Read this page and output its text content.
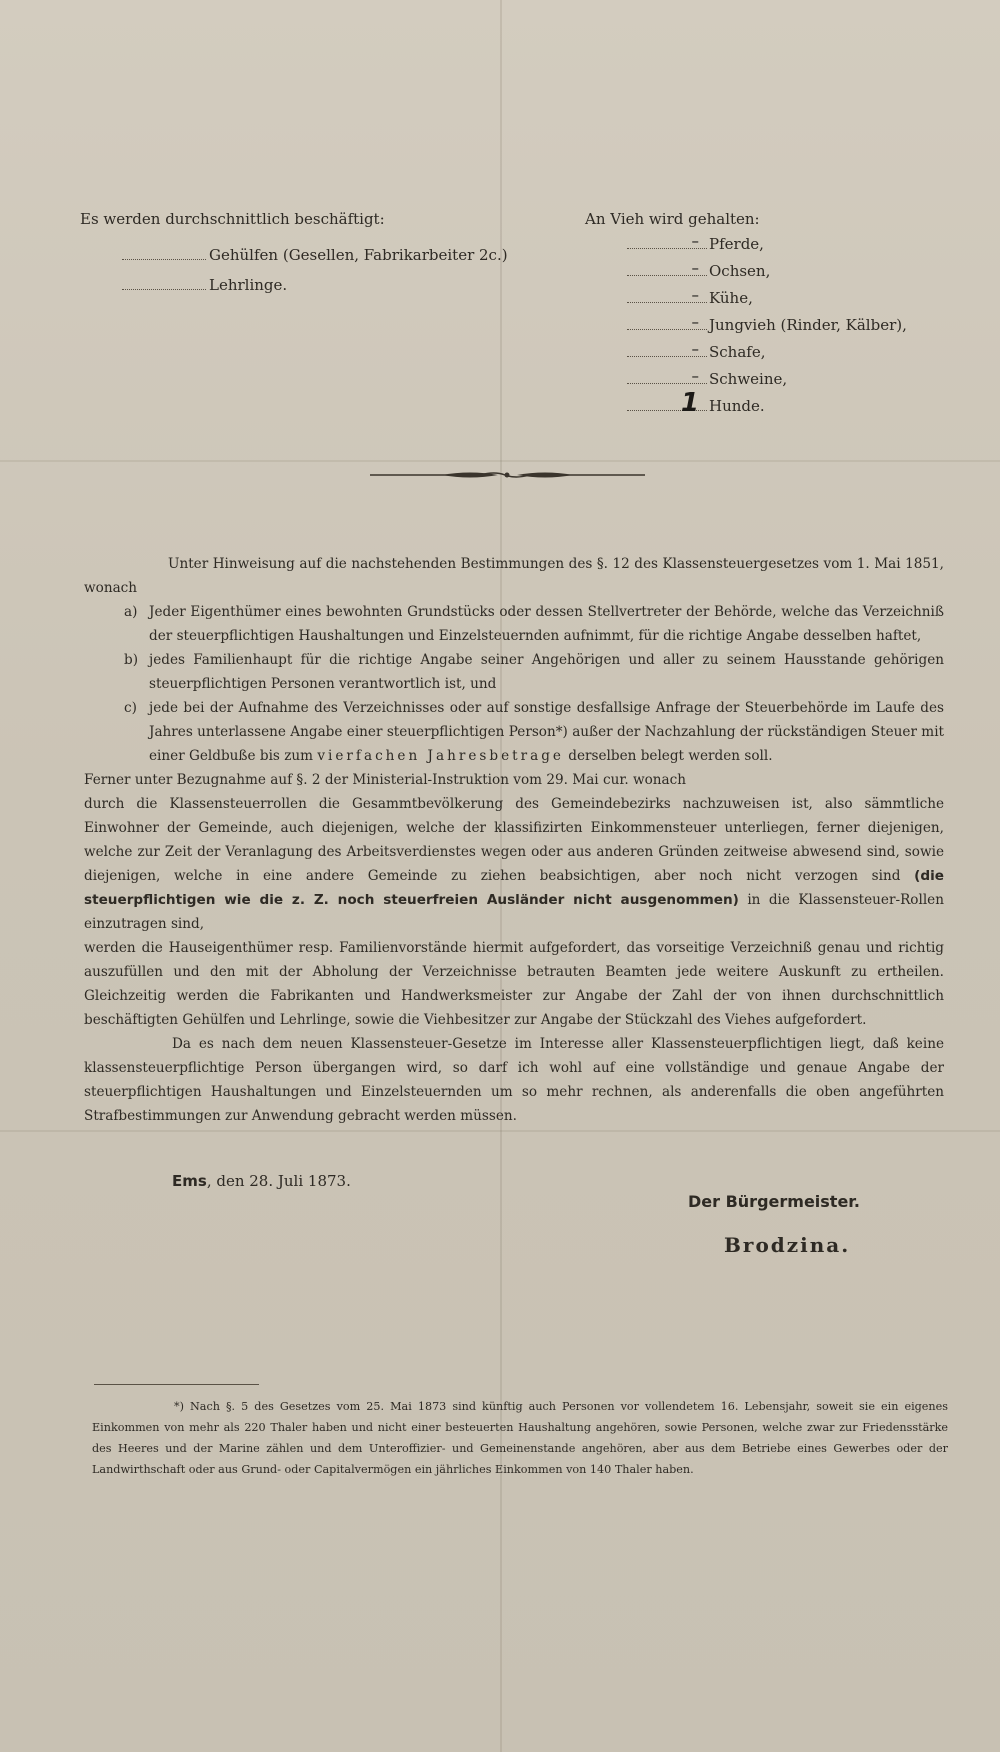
Es werden durchschnittlich beschäftigt:
Gehülfen (Gesellen, Fabrikarbeiter 2c.)
Lehrlinge.
An Vieh wird gehalten:
– Pferde,
– Ochsen,
– Kühe,
– Jungvieh (Rinder, Kälber),
– Schafe,
– Schweine,
1 Hunde.

Unter Hinweisung auf die nachstehenden Bestimmungen des §. 12 des Klassensteuergesetzes vom 1. Mai 1851, wonach

a) Jeder Eigenthümer eines bewohnten Grundstücks oder dessen Stellvertreter der Behörde, welche das Verzeichniß der steuerpflichtigen Haushaltungen und Einzelsteuernden aufnimmt, für die richtige Angabe desselben haftet,
b) jedes Familienhaupt für die richtige Angabe seiner Angehörigen und aller zu seinem Hausstande gehörigen steuerpflichtigen Personen verantwortlich ist, und
c) jede bei der Aufnahme des Verzeichnisses oder auf sonstige desfallsige Anfrage der Steuerbehörde im Laufe des Jahres unterlassene Angabe einer steuerpflichtigen Person*) außer der Nachzahlung der rückständigen Steuer mit einer Geldbuße bis zum vierfachen Jahresbetrage derselben belegt werden soll.

Ferner unter Bezugnahme auf §. 2 der Ministerial-Instruktion vom 29. Mai cur. wonach

durch die Klassensteuerrollen die Gesammtbevölkerung des Gemeindebezirks nachzuweisen ist, also sämmtliche Einwohner der Gemeinde, auch diejenigen, welche der klassifizirten Einkommensteuer unterliegen, ferner diejenigen, welche zur Zeit der Veranlagung des Arbeitsverdienstes wegen oder aus anderen Gründen zeitweise abwesend sind, sowie diejenigen, welche in eine andere Gemeinde zu ziehen beabsichtigen, aber noch nicht verzogen sind (die steuerpflichtigen wie die z. Z. noch steuerfreien Ausländer nicht ausgenommen) in die Klassensteuer-Rollen einzutragen sind,

werden die Hauseigenthümer resp. Familienvorstände hiermit aufgefordert, das vorseitige Verzeichniß genau und richtig auszufüllen und den mit der Abholung der Verzeichnisse betrauten Beamten jede weitere Auskunft zu ertheilen. Gleichzeitig werden die Fabrikanten und Handwerksmeister zur Angabe der Zahl der von ihnen durchschnittlich beschäftigten Gehülfen und Lehrlinge, sowie die Viehbesitzer zur Angabe der Stückzahl des Viehes aufgefordert.

Da es nach dem neuen Klassensteuer-Gesetze im Interesse aller Klassensteuerpflichtigen liegt, daß keine klassensteuerpflichtige Person übergangen wird, so darf ich wohl auf eine vollständige und genaue Angabe der steuerpflichtigen Haushaltungen und Einzelsteuernden um so mehr rechnen, als anderenfalls die oben angeführten Strafbestimmungen zur Anwendung gebracht werden müssen.

Ems, den 28. Juli 1873.
Der Bürgermeister.
Brodzina.

*) Nach §. 5 des Gesetzes vom 25. Mai 1873 sind künftig auch Personen vor vollendetem 16. Lebensjahr, soweit sie ein eigenes Einkommen von mehr als 220 Thaler haben und nicht einer besteuerten Haushaltung angehören, sowie Personen, welche zwar zur Friedensstärke des Heeres und der Marine zählen und dem Unteroffizier- und Gemeinenstande angehören, aber aus dem Betriebe eines Gewerbes oder der Landwirthschaft oder aus Grund- oder Capitalvermögen ein jährliches Einkommen von 140 Thaler haben.
